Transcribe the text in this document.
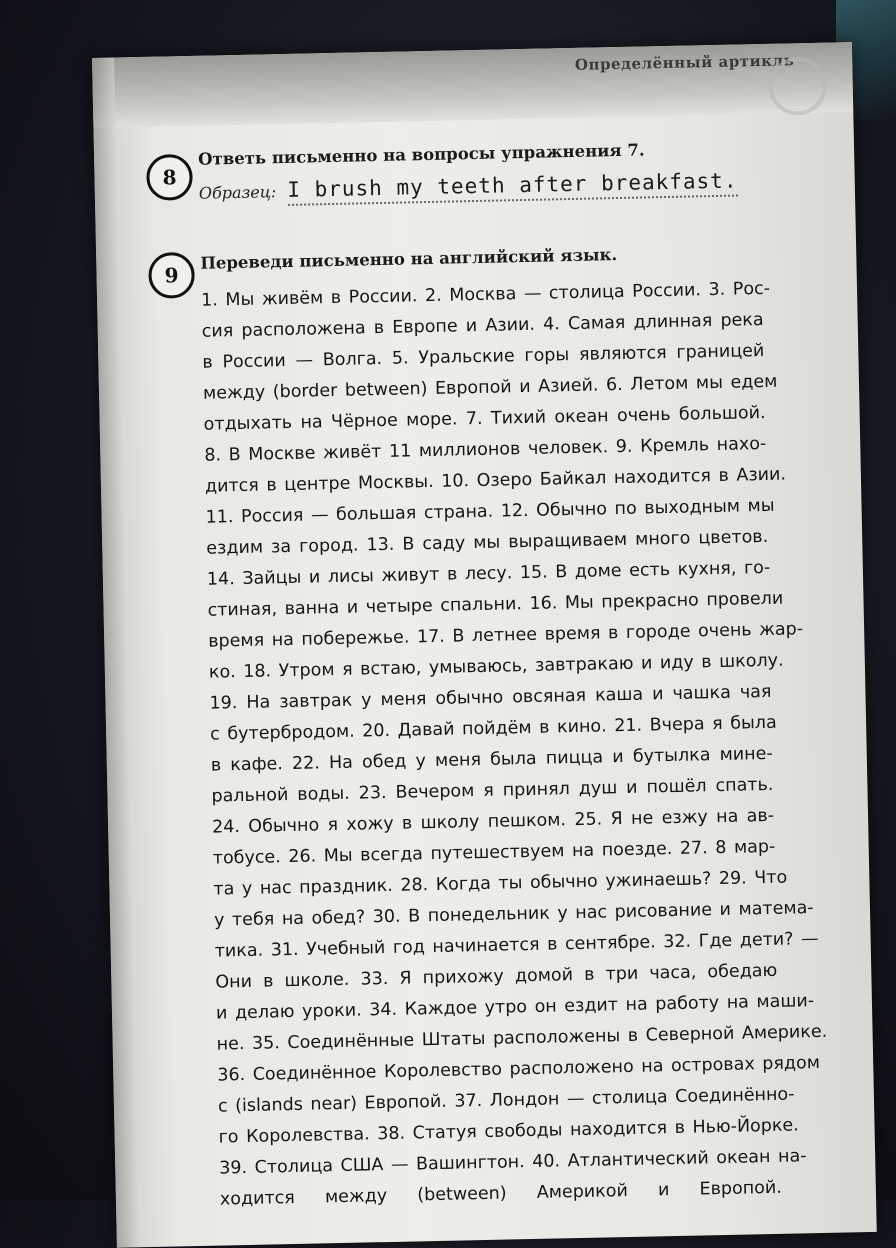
Определённый артикль
8
Ответь письменно на вопросы упражнения 7.
Образец: I brush my teeth after breakfast.
9
Переведи письменно на английский язык.
1. Мы живём в России. 2. Москва — столица России. 3. Рос-
сия расположена в Европе и Азии. 4. Самая длинная река
в России — Волга. 5. Уральские горы являются границей
между (border between) Европой и Азией. 6. Летом мы едем
отдыхать на Чёрное море. 7. Тихий океан очень большой.
8. В Москве живёт 11 миллионов человек. 9. Кремль нахо-
дится в центре Москвы. 10. Озеро Байкал находится в Азии.
11. Россия — большая страна. 12. Обычно по выходным мы
ездим за город. 13. В саду мы выращиваем много цветов.
14. Зайцы и лисы живут в лесу. 15. В доме есть кухня, го-
стиная, ванна и четыре спальни. 16. Мы прекрасно провели
время на побережье. 17. В летнее время в городе очень жар-
ко. 18. Утром я встаю, умываюсь, завтракаю и иду в школу.
19. На завтрак у меня обычно овсяная каша и чашка чая
с бутербродом. 20. Давай пойдём в кино. 21. Вчера я была
в кафе. 22. На обед у меня была пицца и бутылка мине-
ральной воды. 23. Вечером я принял душ и пошёл спать.
24. Обычно я хожу в школу пешком. 25. Я не езжу на ав-
тобусе. 26. Мы всегда путешествуем на поезде. 27. 8 мар-
та у нас праздник. 28. Когда ты обычно ужинаешь? 29. Что
у тебя на обед? 30. В понедельник у нас рисование и матема-
тика. 31. Учебный год начинается в сентябре. 32. Где дети? —
Они в школе. 33. Я прихожу домой в три часа, обедаю
и делаю уроки. 34. Каждое утро он ездит на работу на маши-
не. 35. Соединённые Штаты расположены в Северной Америке.
36. Соединённое Королевство расположено на островах рядом
с (islands near) Европой. 37. Лондон — столица Соединённо-
го Королевства. 38. Статуя свободы находится в Нью-Йорке.
39. Столица США — Вашингтон. 40. Атлантический океан на-
ходится между (between) Америкой и Европой.
